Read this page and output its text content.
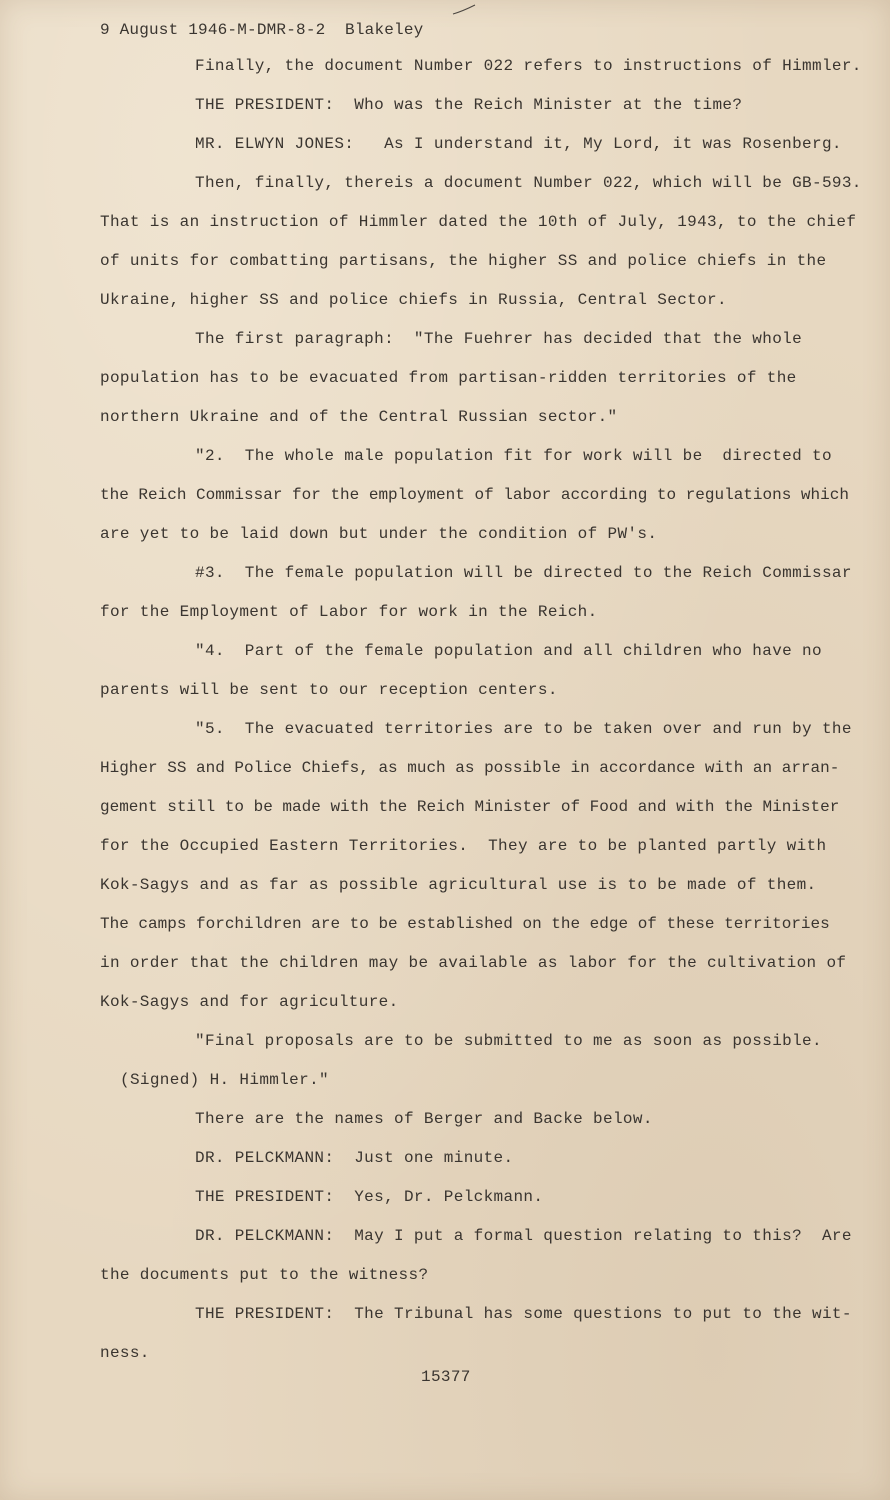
9 August 1946-M-DMR-8-2  Blakeley
Finally, the document Number 022 refers to instructions of Himmler.
THE PRESIDENT:  Who was the Reich Minister at the time?
MR. ELWYN JONES:   As I understand it, My Lord, it was Rosenberg.
Then, finally, thereis a document Number 022, which will be GB-593.
That is an instruction of Himmler dated the 10th of July, 1943, to the chief
of units for combatting partisans, the higher SS and police chiefs in the
Ukraine, higher SS and police chiefs in Russia, Central Sector.
The first paragraph:  "The Fuehrer has decided that the whole
population has to be evacuated from partisan-ridden territories of the
northern Ukraine and of the Central Russian sector."
"2.  The whole male population fit for work will be  directed to
the Reich Commissar for the employment of labor according to regulations which
are yet to be laid down but under the condition of PW's.
#3.  The female population will be directed to the Reich Commissar
for the Employment of Labor for work in the Reich.
"4.  Part of the female population and all children who have no
parents will be sent to our reception centers.
"5.  The evacuated territories are to be taken over and run by the
Higher SS and Police Chiefs, as much as possible in accordance with an arran-
gement still to be made with the Reich Minister of Food and with the Minister
for the Occupied Eastern Territories.  They are to be planted partly with
Kok-Sagys and as far as possible agricultural use is to be made of them.
The camps forchildren are to be established on the edge of these territories
in order that the children may be available as labor for the cultivation of
Kok-Sagys and for agriculture.
"Final proposals are to be submitted to me as soon as possible.
(Signed) H. Himmler."
There are the names of Berger and Backe below.
DR. PELCKMANN:  Just one minute.
THE PRESIDENT:  Yes, Dr. Pelckmann.
DR. PELCKMANN:  May I put a formal question relating to this?  Are
the documents put to the witness?
THE PRESIDENT:  The Tribunal has some questions to put to the wit-
ness.
15377
